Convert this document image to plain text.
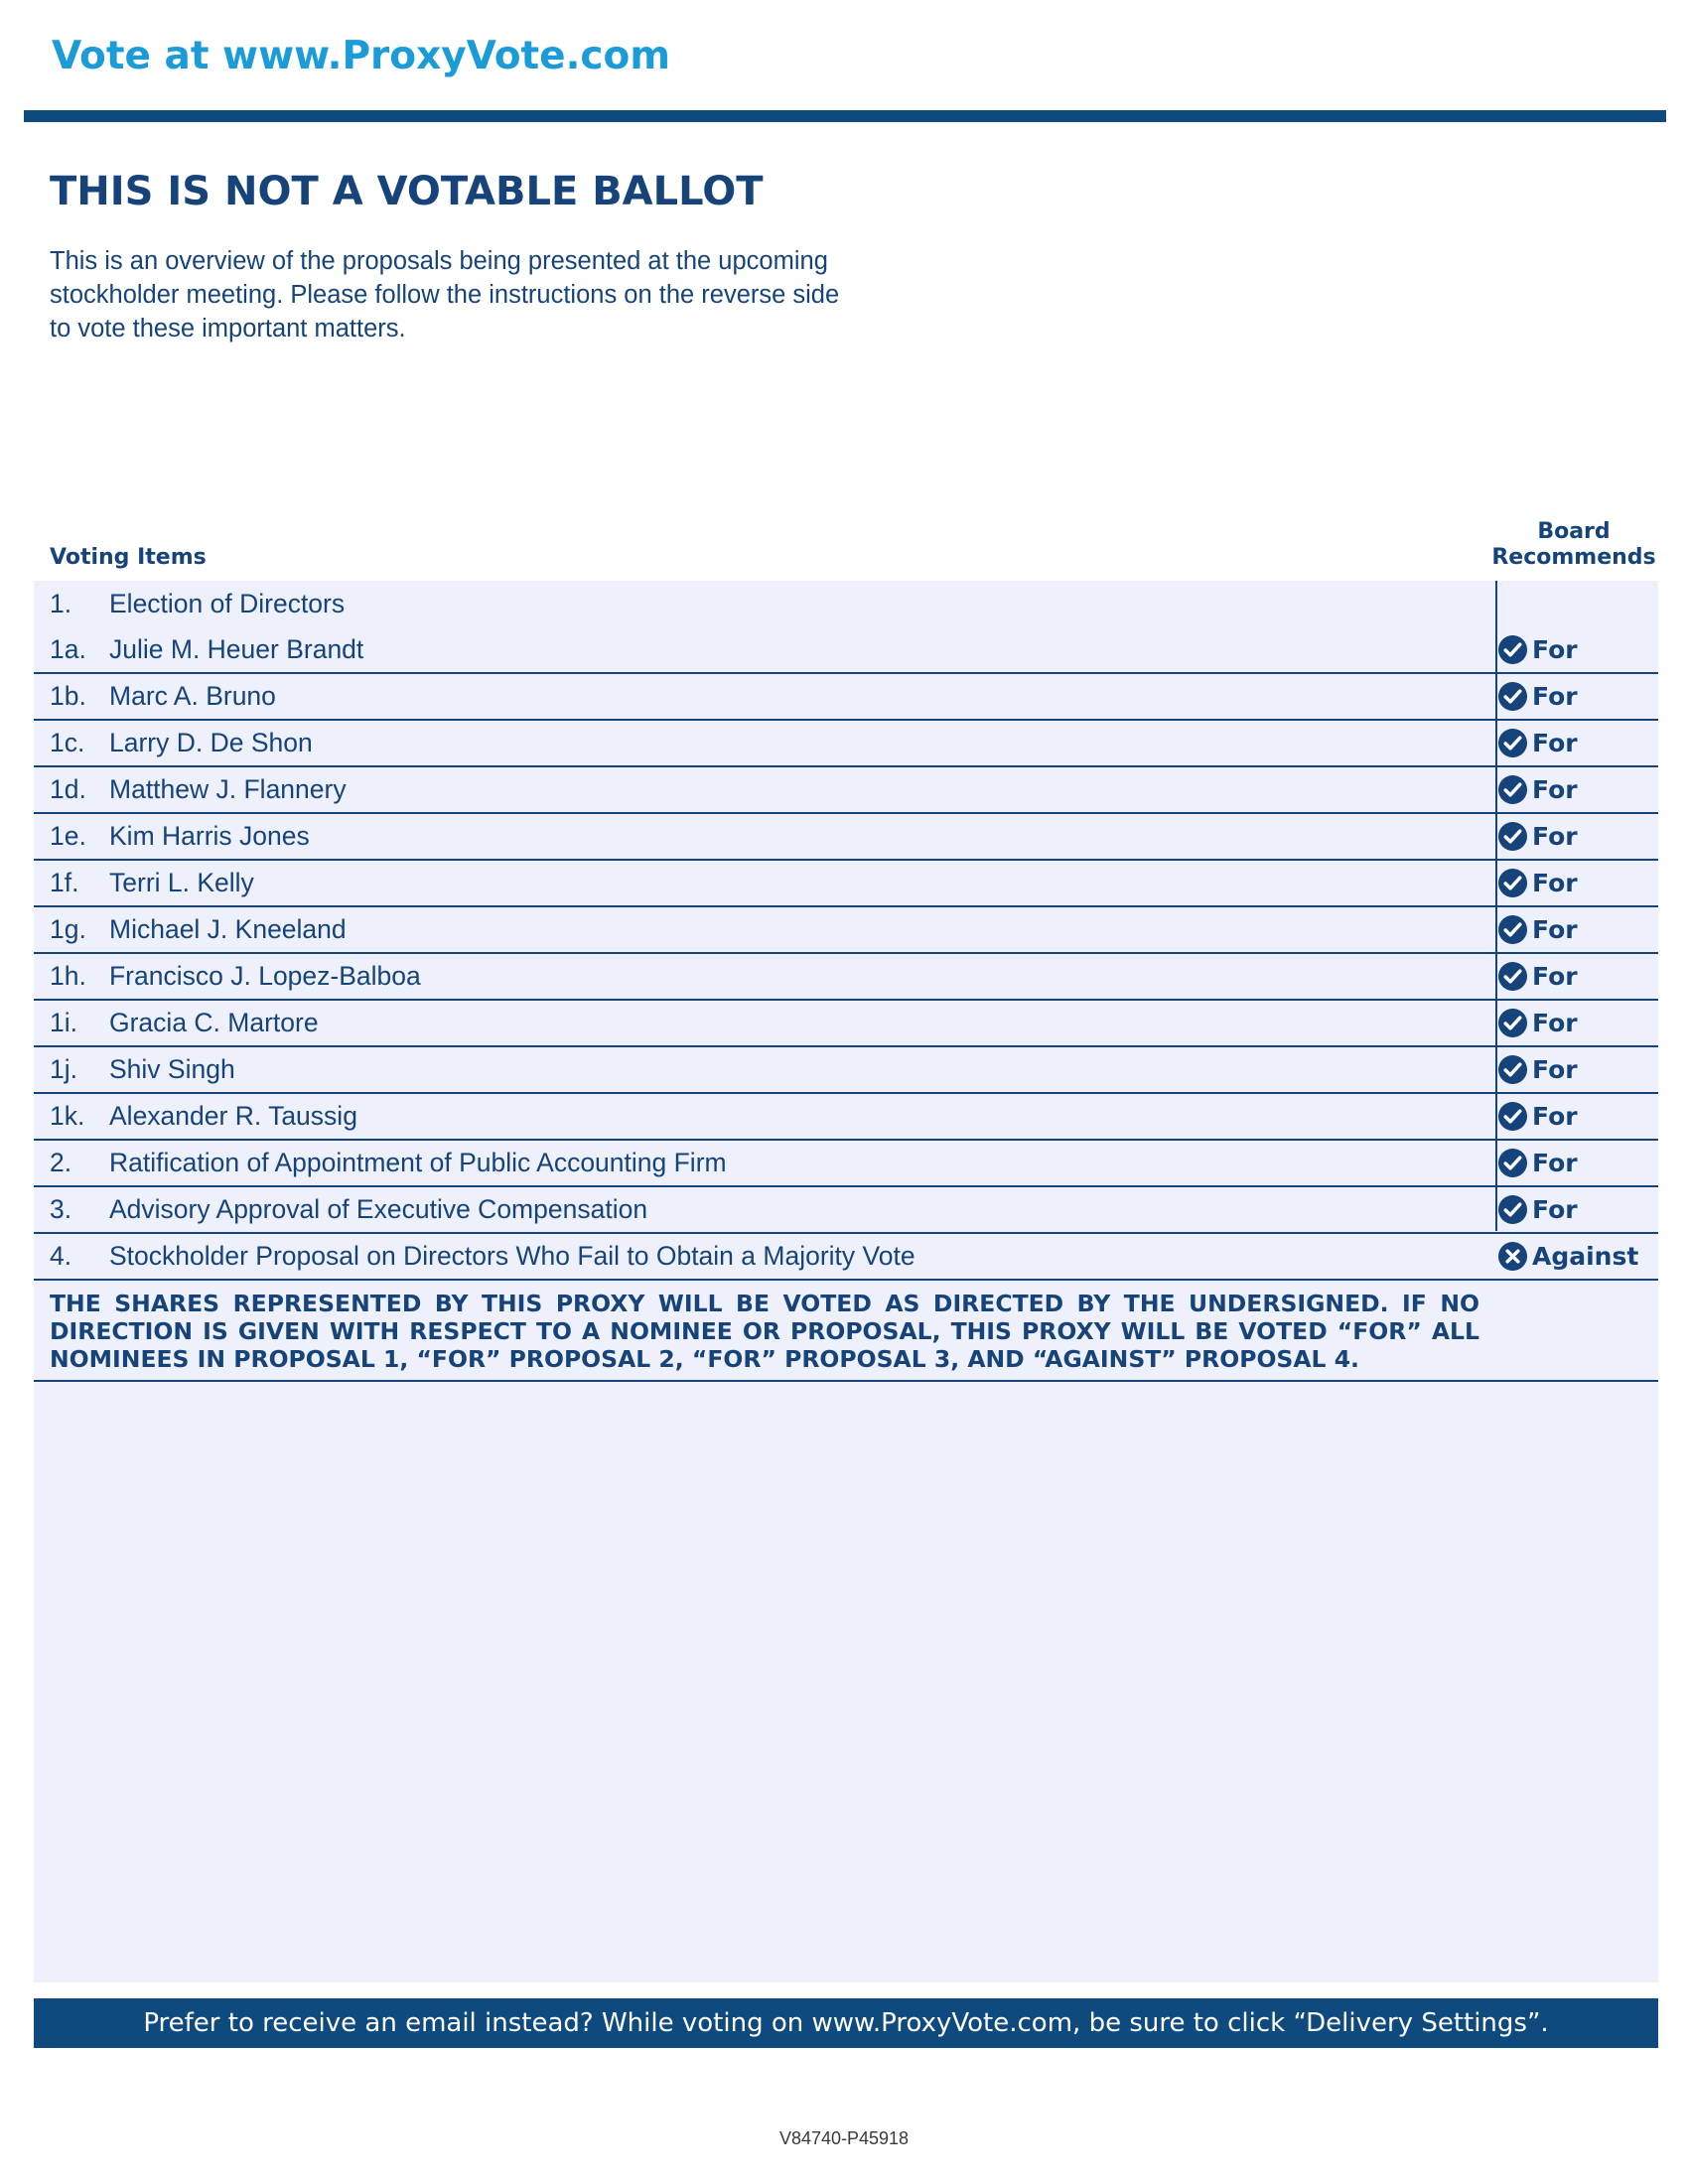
Vote at www.ProxyVote.com
THIS IS NOT A VOTABLE BALLOT
This is an overview of the proposals being presented at the upcoming stockholder meeting. Please follow the instructions on the reverse side to vote these important matters.
Voting Items
Board
Recommends
1. Election of Directors
1a. Julie M. Heuer Brandt	For
1b. Marc A. Bruno	For
1c. Larry D. De Shon	For
1d. Matthew J. Flannery	For
1e. Kim Harris Jones	For
1f. Terri L. Kelly	For
1g. Michael J. Kneeland	For
1h. Francisco J. Lopez-Balboa	For
1i. Gracia C. Martore	For
1j. Shiv Singh	For
1k. Alexander R. Taussig	For
2. Ratification of Appointment of Public Accounting Firm	For
3. Advisory Approval of Executive Compensation	For
4. Stockholder Proposal on Directors Who Fail to Obtain a Majority Vote	Against
THE SHARES REPRESENTED BY THIS PROXY WILL BE VOTED AS DIRECTED BY THE UNDERSIGNED. IF NO DIRECTION IS GIVEN WITH RESPECT TO A NOMINEE OR PROPOSAL, THIS PROXY WILL BE VOTED “FOR” ALL NOMINEES IN PROPOSAL 1, “FOR” PROPOSAL 2, “FOR” PROPOSAL 3, AND “AGAINST” PROPOSAL 4.
Prefer to receive an email instead? While voting on www.ProxyVote.com, be sure to click “Delivery Settings”.
V84740-P45918
